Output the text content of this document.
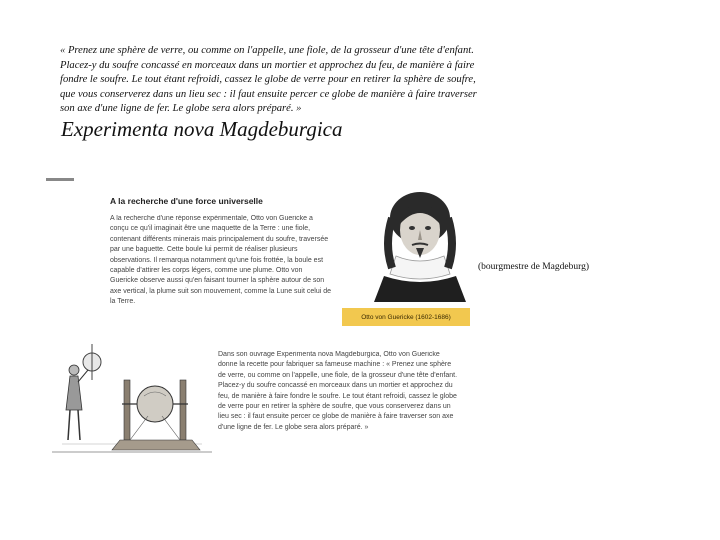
« Prenez une sphère de verre, ou comme on l'appelle, une fiole, de la grosseur d'une tête d'enfant.
Placez-y du soufre concassé en morceaux dans un mortier et approchez du feu, de manière à faire
fondre le soufre. Le tout étant refroidi, cassez le globe de verre pour en retirer la sphère de soufre,
que vous conserverez dans un lieu sec : il faut ensuite percer ce globe de manière à faire traverser
son axe d'une ligne de fer. Le globe sera alors préparé. »
Experimenta nova Magdeburgica
(bourgmestre de Magdeburg)
A la recherche d'une force universelle
A la recherche d'une réponse expérimentale, Otto von Guericke a conçu ce qu'il imaginait être une maquette de la Terre : une fiole, contenant différents minerais mais principalement du soufre, traversée par une baguette. Cette boule lui permit de réaliser plusieurs observations. Il remarqua notamment qu'une fois frottée, la boule est capable d'attirer les corps légers, comme une plume. Otto von Guericke observe aussi qu'en faisant tourner la sphère autour de son axe vertical, la plume suit son mouvement, comme la Lune suit celui de la Terre.
Otto von Guericke (1602-1686)
Dans son ouvrage Experimenta nova Magdeburgica, Otto von Guericke donne la recette pour fabriquer sa fameuse machine : « Prenez une sphère de verre, ou comme on l'appelle, une fiole, de la grosseur d'une tête d'enfant. Placez-y du soufre concassé en morceaux dans un mortier et approchez du feu, de manière à faire fondre le soufre. Le tout étant refroidi, cassez le globe de verre pour en retirer la sphère de soufre, que vous conserverez dans un lieu sec : il faut ensuite percer ce globe de manière à faire traverser son axe d'une ligne de fer. Le globe sera alors préparé. »
